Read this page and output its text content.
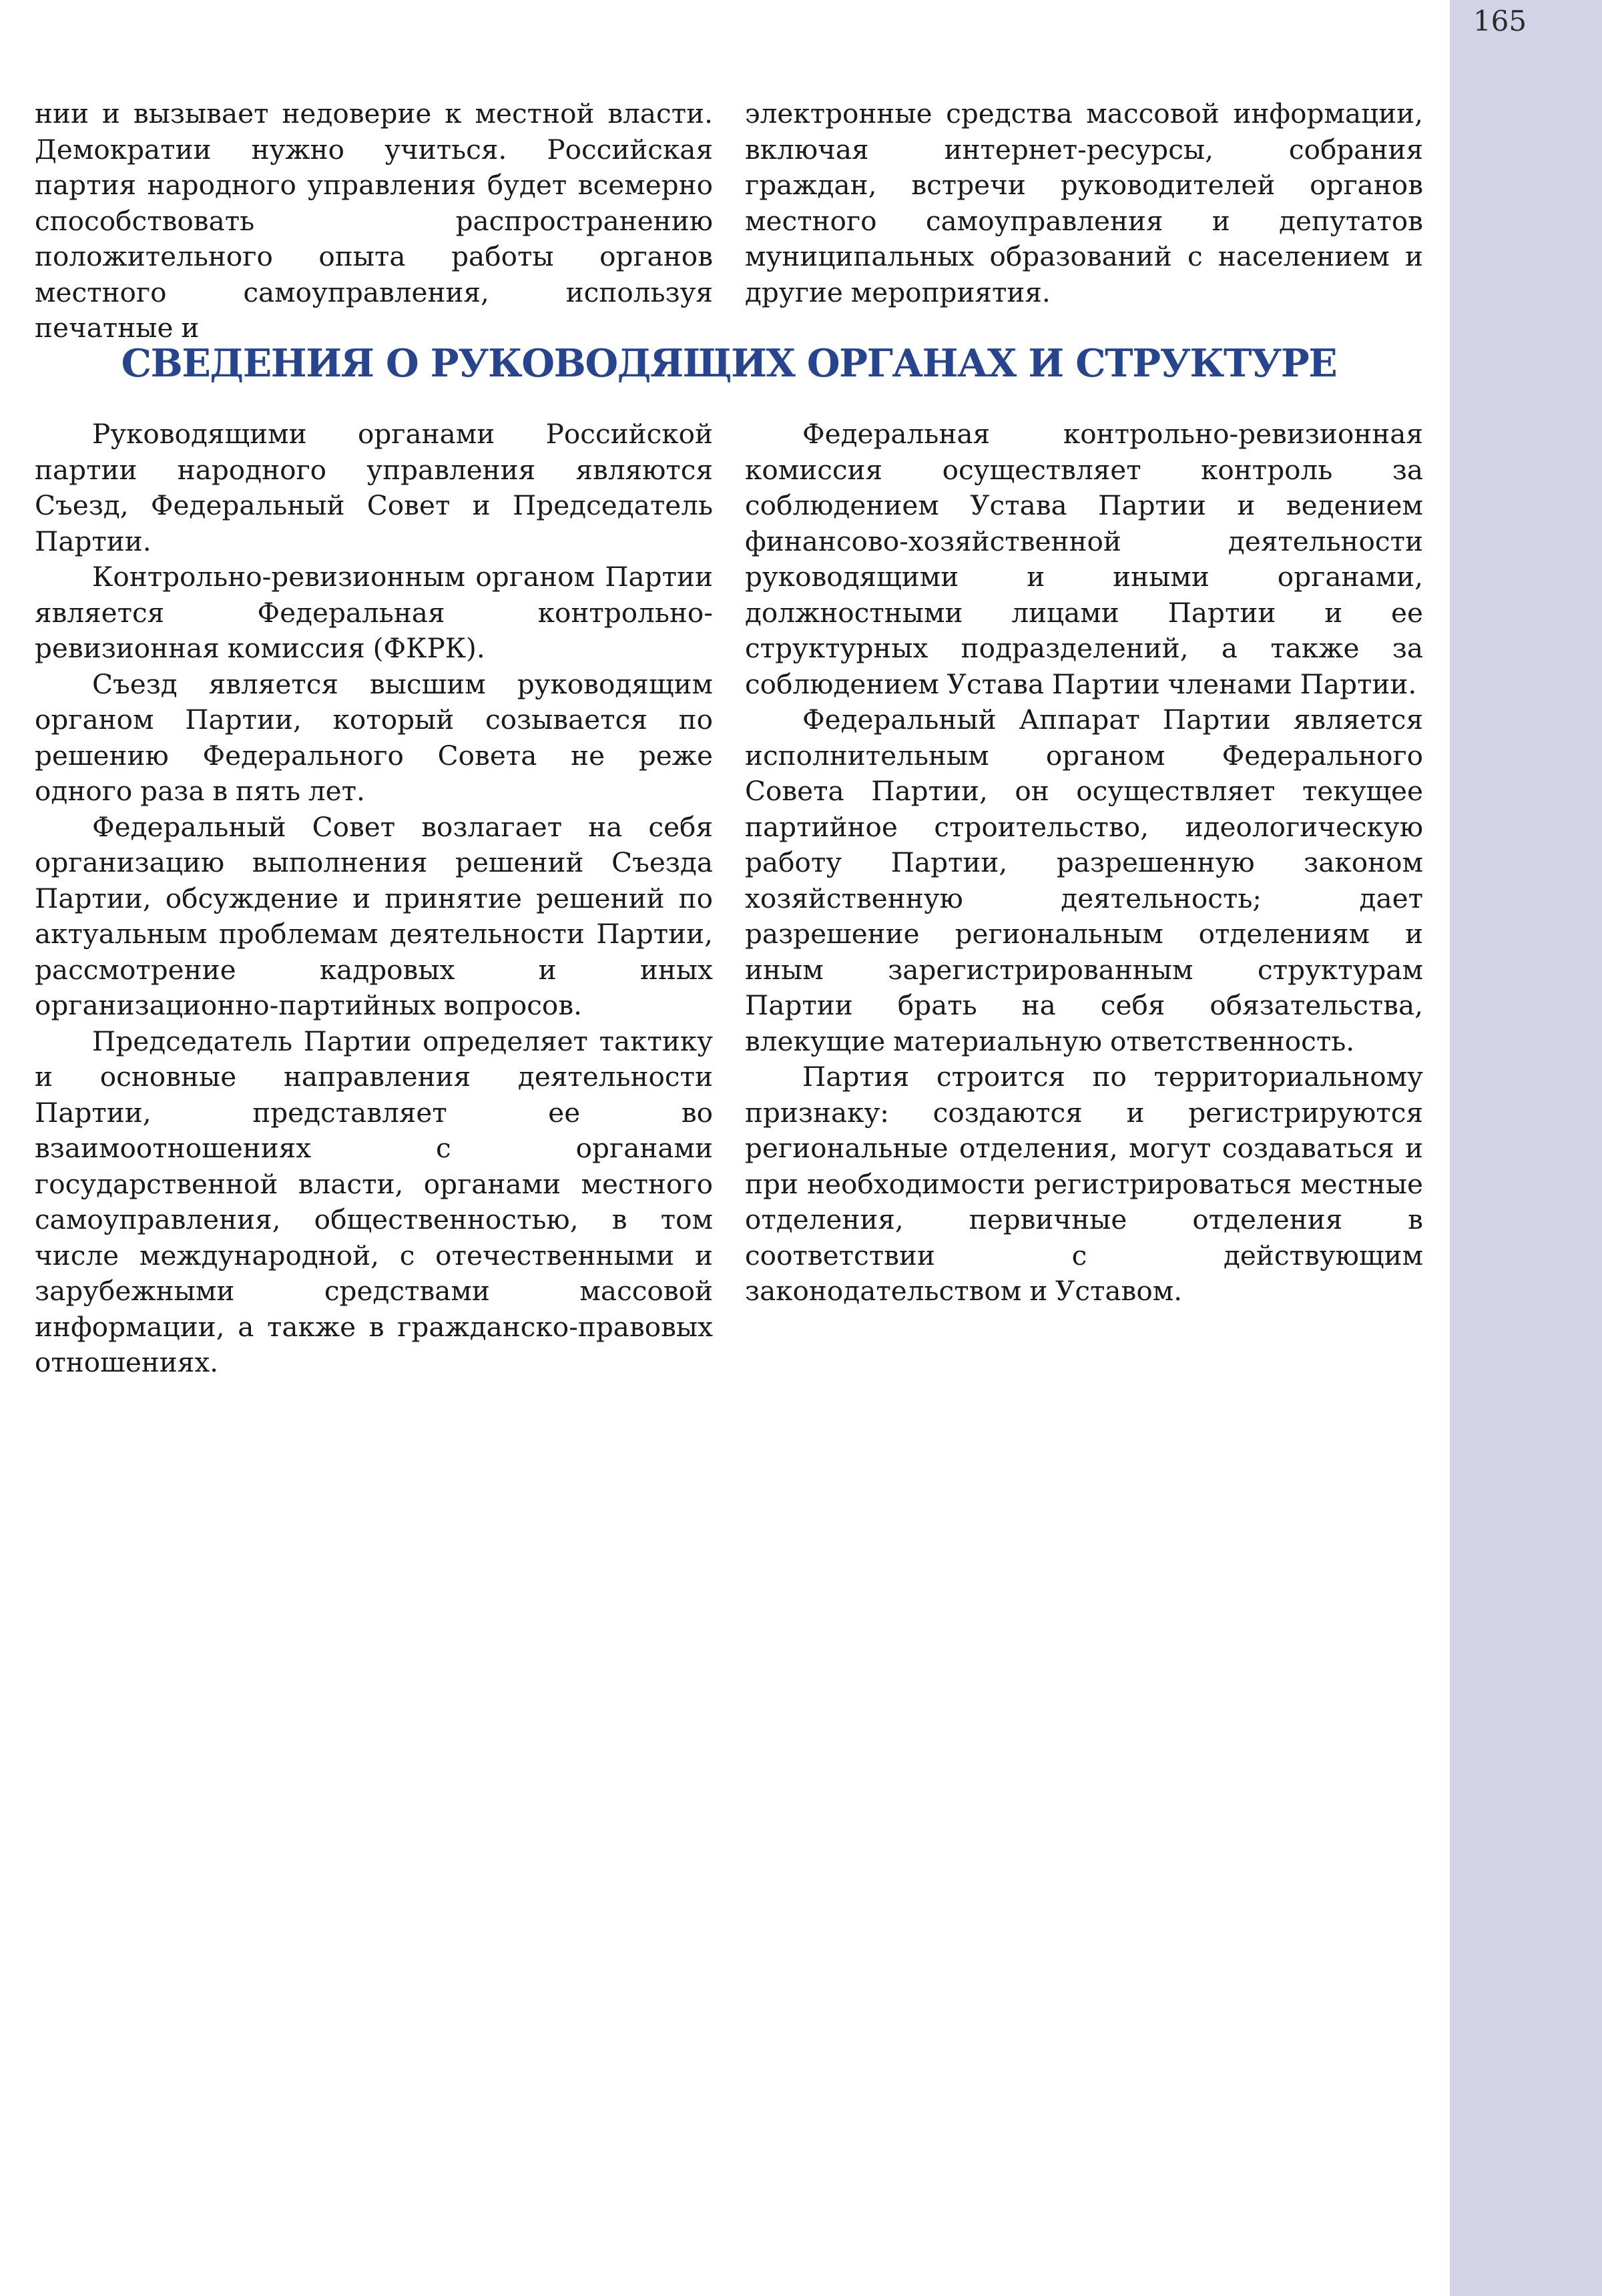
165

нии и вызывает недоверие к местной власти. Демократии нужно учиться. Российская партия народного управления будет всемерно способствовать распространению положительного опыта работы органов местного самоуправления, используя печатные и

электронные средства массовой информации, включая интернет-ресурсы, собрания граждан, встречи руководителей органов местного самоуправления и депутатов муниципальных образований с населением и другие мероприятия.

СВЕДЕНИЯ О РУКОВОДЯЩИХ ОРГАНАХ И СТРУКТУРЕ

Руководящими органами Российской партии народного управления являются Съезд, Федеральный Совет и Председатель Партии.

Контрольно-ревизионным органом Партии является Федеральная контрольно-ревизионная комиссия (ФКРК).

Съезд является высшим руководящим органом Партии, который созывается по решению Федерального Совета не реже одного раза в пять лет.

Федеральный Совет возлагает на себя организацию выполнения решений Съезда Партии, обсуждение и принятие решений по актуальным проблемам деятельности Партии, рассмотрение кадровых и иных организационно-партийных вопросов.

Председатель Партии определяет тактику и основные направления деятельности Партии, представляет ее во взаимоотношениях с органами государственной власти, органами местного самоуправления, общественностью, в том числе международной, с отечественными и зарубежными средствами массовой информации, а также в гражданско-правовых отношениях.

Федеральная контрольно-ревизионная комиссия осуществляет контроль за соблюдением Устава Партии и ведением финансово-хозяйственной деятельности руководящими и иными органами, должностными лицами Партии и ее структурных подразделений, а также за соблюдением Устава Партии членами Партии.

Федеральный Аппарат Партии является исполнительным органом Федерального Совета Партии, он осуществляет текущее партийное строительство, идеологическую работу Партии, разрешенную законом хозяйственную деятельность; дает разрешение региональным отделениям и иным зарегистрированным структурам Партии брать на себя обязательства, влекущие материальную ответственность.

Партия строится по территориальному признаку: создаются и регистрируются региональные отделения, могут создаваться и при необходимости регистрироваться местные отделения, первичные отделения в соответствии с действующим законодательством и Уставом.
